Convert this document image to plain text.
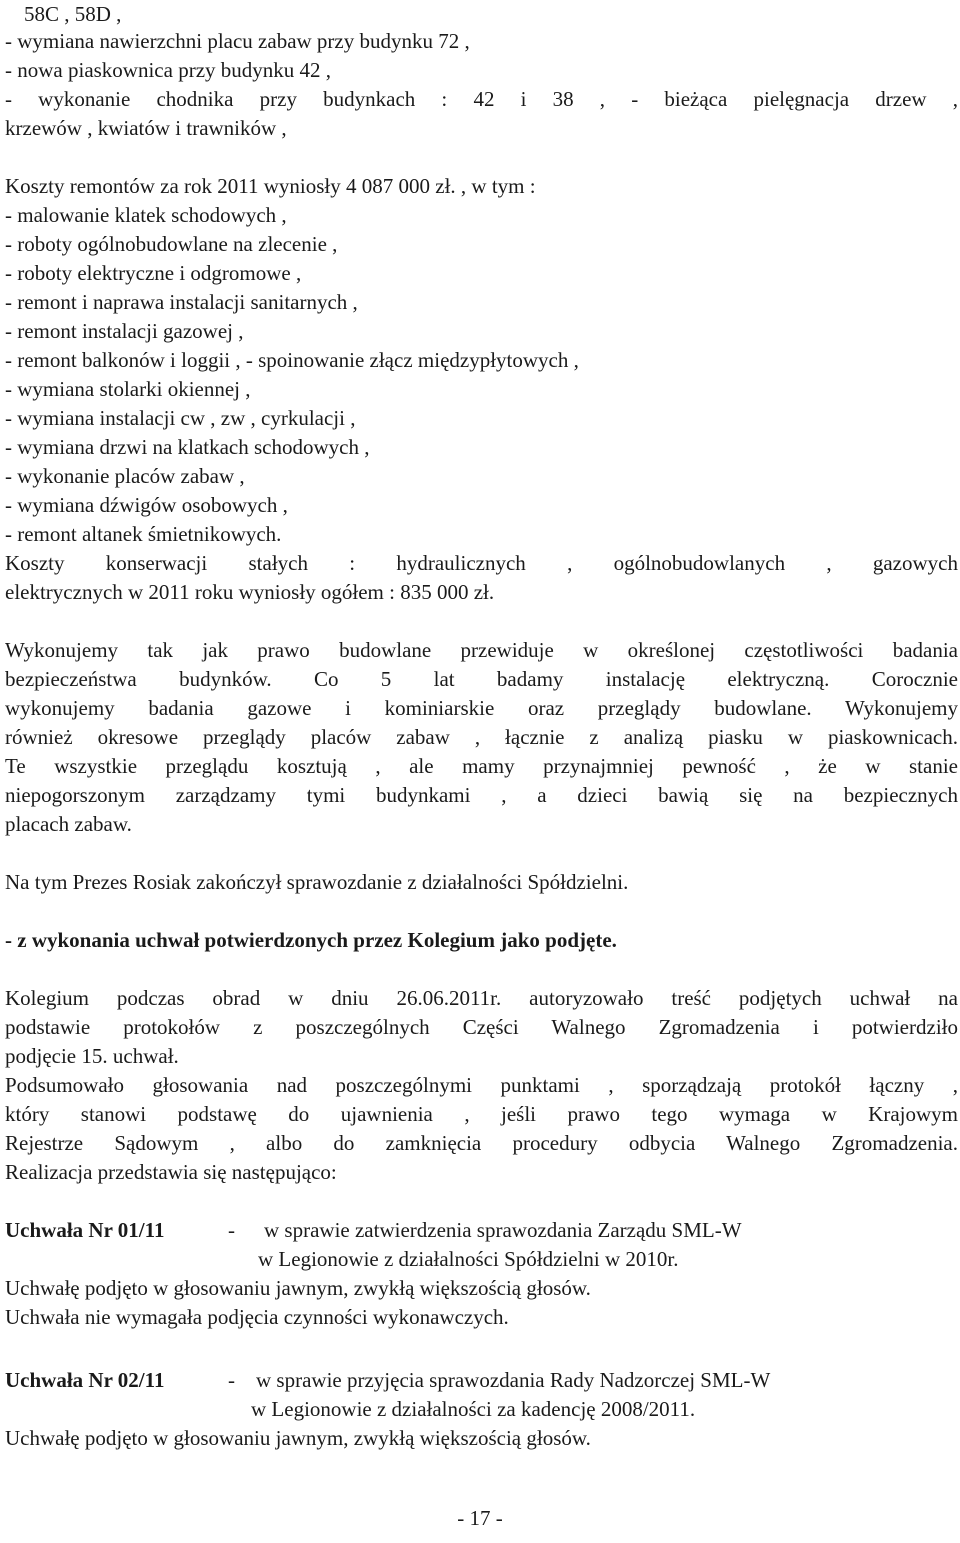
58C , 58D ,
- wymiana nawierzchni placu zabaw przy budynku 72 ,
- nowa piaskownica przy budynku 42 ,
- wykonanie chodnika przy budynkach : 42 i 38 , - bieżąca pielęgnacja drzew ,
krzewów , kwiatów i trawników ,
Koszty remontów za rok 2011 wyniosły 4 087 000 zł. , w tym :
- malowanie klatek schodowych ,
- roboty ogólnobudowlane na zlecenie ,
- roboty elektryczne i odgromowe ,
- remont i naprawa instalacji sanitarnych ,
- remont instalacji gazowej ,
- remont balkonów i loggii , - spoinowanie złącz międzypłytowych ,
- wymiana stolarki okiennej ,
- wymiana instalacji cw , zw , cyrkulacji ,
- wymiana drzwi na klatkach schodowych ,
- wykonanie placów zabaw ,
- wymiana dźwigów osobowych ,
- remont altanek śmietnikowych.
Koszty konserwacji stałych : hydraulicznych , ogólnobudowlanych , gazowych
elektrycznych w 2011 roku wyniosły ogółem : 835 000 zł.
Wykonujemy tak jak prawo budowlane przewiduje w określonej częstotliwości badania
bezpieczeństwa budynków. Co 5 lat badamy instalację elektryczną. Corocznie
wykonujemy badania gazowe i kominiarskie oraz przeglądy budowlane. Wykonujemy
również okresowe przeglądy placów zabaw , łącznie z analizą piasku w piaskownicach.
Te wszystkie przeglądu kosztują , ale mamy przynajmniej pewność , że w stanie
niepogorszonym zarządzamy tymi budynkami , a dzieci bawią się na bezpiecznych
placach zabaw.
Na tym Prezes Rosiak zakończył sprawozdanie z działalności Spółdzielni.
- z wykonania uchwał potwierdzonych przez Kolegium jako podjęte.
Kolegium podczas obrad w dniu 26.06.2011r. autoryzowało treść podjętych uchwał na
podstawie protokołów z poszczególnych Części Walnego Zgromadzenia i potwierdziło
podjęcie 15. uchwał.
Podsumowało głosowania nad poszczególnymi punktami , sporządzają protokół łączny ,
który stanowi podstawę do ujawnienia , jeśli prawo tego wymaga w Krajowym
Rejestrze Sądowym , albo do zamknięcia procedury odbycia Walnego Zgromadzenia.
Realizacja przedstawia się następująco:
Uchwała Nr 01/11	- w sprawie zatwierdzenia sprawozdania Zarządu SML-W
w Legionowie z działalności Spółdzielni w 2010r.
Uchwałę podjęto w głosowaniu jawnym, zwykłą większością głosów.
Uchwała nie wymagała podjęcia czynności wykonawczych.
Uchwała Nr 02/11	- w sprawie przyjęcia sprawozdania Rady Nadzorczej SML-W
w Legionowie z działalności za kadencję 2008/2011.
Uchwałę podjęto w głosowaniu jawnym, zwykłą większością głosów.
- 17 -
